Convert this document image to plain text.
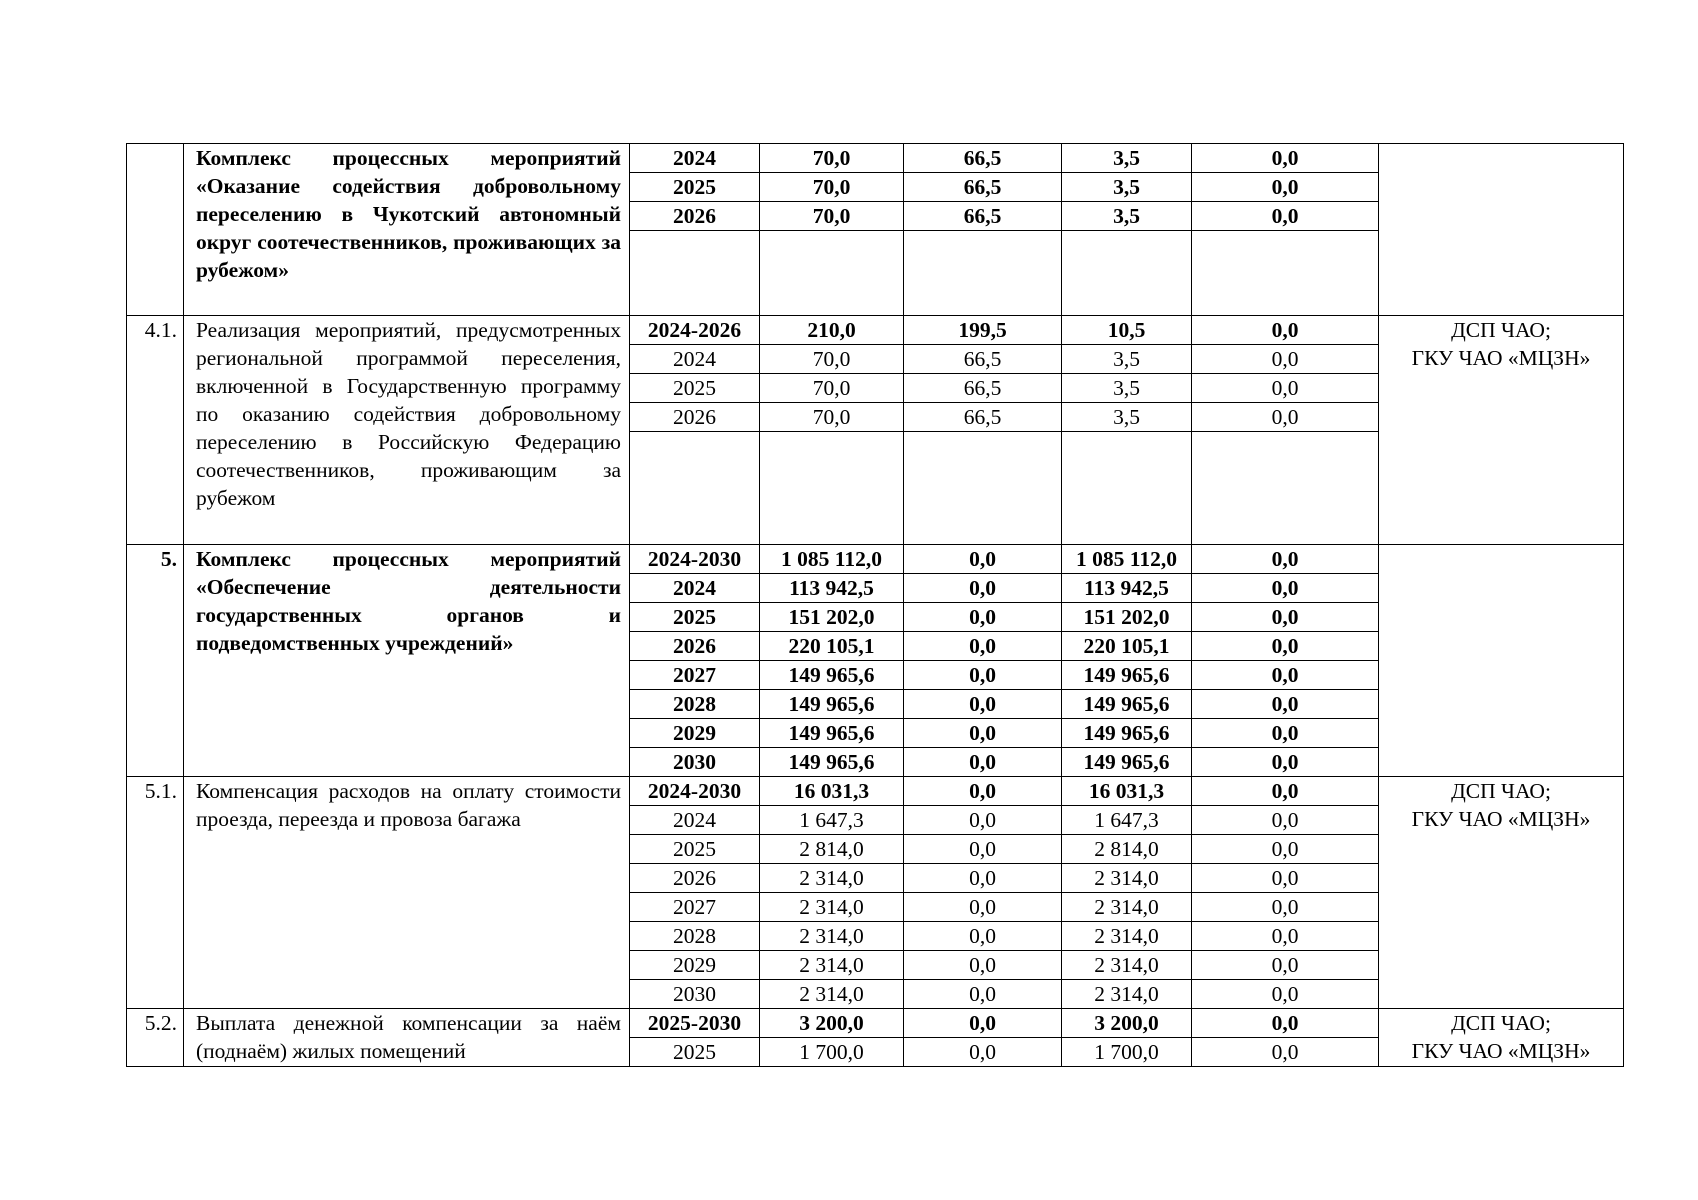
	Комплекс процессных мероприятий «Оказание содействия добровольному переселению в Чукотский автономный округ соотечественников, проживающих за рубежом»	2024	70,0	66,5	3,5	0,0	
		2025	70,0	66,5	3,5	0,0	
		2026	70,0	66,5	3,5	0,0	

4.1.	Реализация мероприятий, предусмотренных региональной программой переселения, включенной в Государственную программу по оказанию содействия добровольному переселению в Российскую Федерацию соотечественников, проживающим за рубежом	2024-2026	210,0	199,5	10,5	0,0	ДСП ЧАО;
ГКУ ЧАО «МЦЗН»
		2024	70,0	66,5	3,5	0,0	
		2025	70,0	66,5	3,5	0,0	
		2026	70,0	66,5	3,5	0,0	

5.	Комплекс процессных мероприятий «Обеспечение деятельности государственных органов и подведомственных учреждений»	2024-2030	1 085 112,0	0,0	1 085 112,0	0,0	
		2024	113 942,5	0,0	113 942,5	0,0	
		2025	151 202,0	0,0	151 202,0	0,0	
		2026	220 105,1	0,0	220 105,1	0,0	
		2027	149 965,6	0,0	149 965,6	0,0	
		2028	149 965,6	0,0	149 965,6	0,0	
		2029	149 965,6	0,0	149 965,6	0,0	
		2030	149 965,6	0,0	149 965,6	0,0	
5.1.	Компенсация расходов на оплату стоимости проезда, переезда и провоза багажа	2024-2030	16 031,3	0,0	16 031,3	0,0	ДСП ЧАО;
ГКУ ЧАО «МЦЗН»
		2024	1 647,3	0,0	1 647,3	0,0	
		2025	2 814,0	0,0	2 814,0	0,0	
		2026	2 314,0	0,0	2 314,0	0,0	
		2027	2 314,0	0,0	2 314,0	0,0	
		2028	2 314,0	0,0	2 314,0	0,0	
		2029	2 314,0	0,0	2 314,0	0,0	
		2030	2 314,0	0,0	2 314,0	0,0	
5.2.	Выплата денежной компенсации за наём (поднаём) жилых помещений	2025-2030	3 200,0	0,0	3 200,0	0,0	ДСП ЧАО;
ГКУ ЧАО «МЦЗН»
		2025	1 700,0	0,0	1 700,0	0,0	
